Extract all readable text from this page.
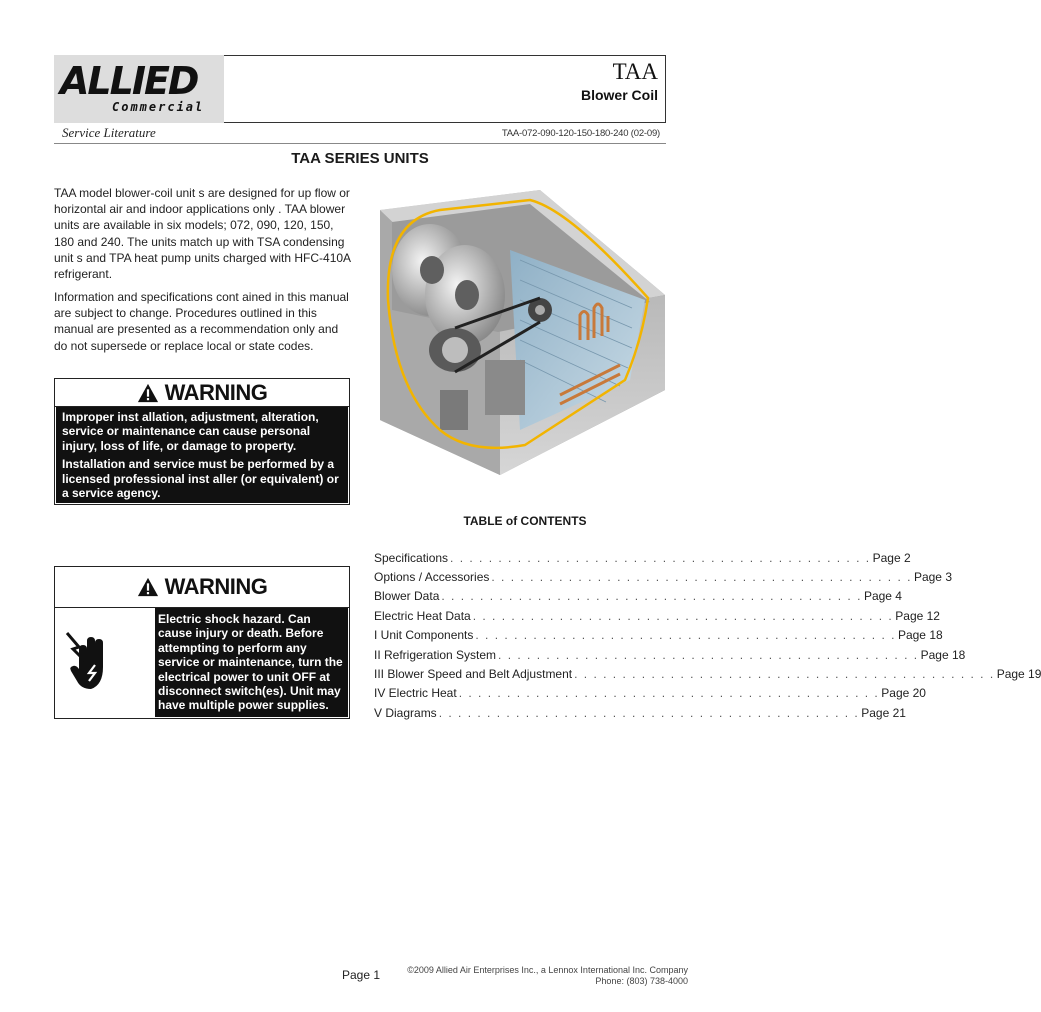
ALLIED
Commercial
TAA
Blower Coil
Service Literature	TAA-072-090-120-150-180-240 (02-09)
TAA SERIES UNITS
TAA model blower-coil unit s are designed for up flow or horizontal air and indoor applications only . TAA blower units are available in six models; 072, 090, 120, 150, 180 and 240. The units match up with TSA condensing unit s and TPA heat pump units charged with HFC-410A refrigerant.
Information and specifications cont ained in this manual are subject to change. Procedures outlined in this manual are presented as a recommendation only and do not supersede or replace local or state codes.
WARNING

Improper inst allation, adjustment, alteration, service or maintenance can cause personal injury, loss of life, or damage to property.

Installation and service must be performed by a licensed professional inst aller (or equivalent) or a service agency.

WARNING

Electric shock hazard. Can cause injury or death. Before attempting to perform any service or maintenance, turn the electrical power to unit OFF at disconnect switch(es). Unit may have multiple power supplies.

TABLE of CONTENTS
Specifications . . . . . . . . . . . . . . . . . . . . . . . . . . . . . . . . . . . . . . . . . . . . Page 2
Options / Accessories . . . . . . . . . . . . . . . . . . . . . . . . . . . . . . . . . . . . . . . . . . . . Page 3
Blower Data . . . . . . . . . . . . . . . . . . . . . . . . . . . . . . . . . . . . . . . . . . . . Page 4
Electric Heat Data . . . . . . . . . . . . . . . . . . . . . . . . . . . . . . . . . . . . . . . . . . . . Page 12
I Unit Components . . . . . . . . . . . . . . . . . . . . . . . . . . . . . . . . . . . . . . . . . . . . Page 18
II Refrigeration System . . . . . . . . . . . . . . . . . . . . . . . . . . . . . . . . . . . . . . . . . . . . Page 18
III Blower Speed and Belt Adjustment . . . . . . . . . . . . . . . . . . . . . . . . . . . . . . . . . . . . . . . . . . . . Page 19
IV Electric Heat . . . . . . . . . . . . . . . . . . . . . . . . . . . . . . . . . . . . . . . . . . . . Page 20
V Diagrams . . . . . . . . . . . . . . . . . . . . . . . . . . . . . . . . . . . . . . . . . . . . Page 21
Page 1	©2009 Allied Air Enterprises Inc., a Lennox International Inc. Company
Phone: (803) 738-4000
